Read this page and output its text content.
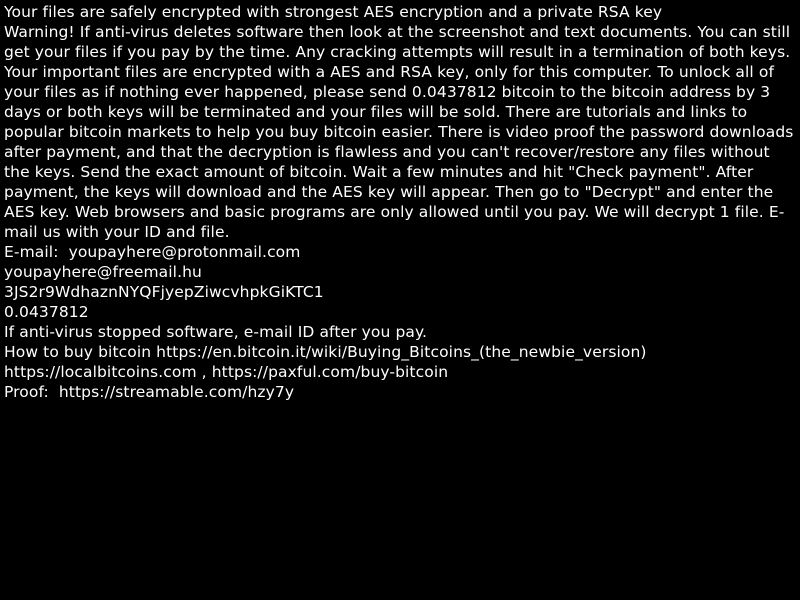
Your files are safely encrypted with strongest AES encryption and a private RSA key
Warning! If anti-virus deletes software then look at the screenshot and text documents. You can still get your files if you pay by the time. Any cracking attempts will result in a termination of both keys.
Your important files are encrypted with a AES and RSA key, only for this computer. To unlock all of your files as if nothing ever happened, please send 0.0437812 bitcoin to the bitcoin address by 3 days or both keys will be terminated and your files will be sold. There are tutorials and links to popular bitcoin markets to help you buy bitcoin easier. There is video proof the password downloads after payment, and that the decryption is flawless and you can't recover/restore any files without the keys. Send the exact amount of bitcoin. Wait a few minutes and hit "Check payment". After payment, the keys will download and the AES key will appear. Then go to "Decrypt" and enter the AES key. Web browsers and basic programs are only allowed until you pay. We will decrypt 1 file. E-mail us with your ID and file.
E-mail:  youpayhere@protonmail.com
youpayhere@freemail.hu
3JS2r9WdhaznNYQFjyepZiwcvhpkGiKTC1
0.0437812
If anti-virus stopped software, e-mail ID after you pay.
How to buy bitcoin https://en.bitcoin.it/wiki/Buying_Bitcoins_(the_newbie_version)
https://localbitcoins.com , https://paxful.com/buy-bitcoin
Proof:  https://streamable.com/hzy7y
